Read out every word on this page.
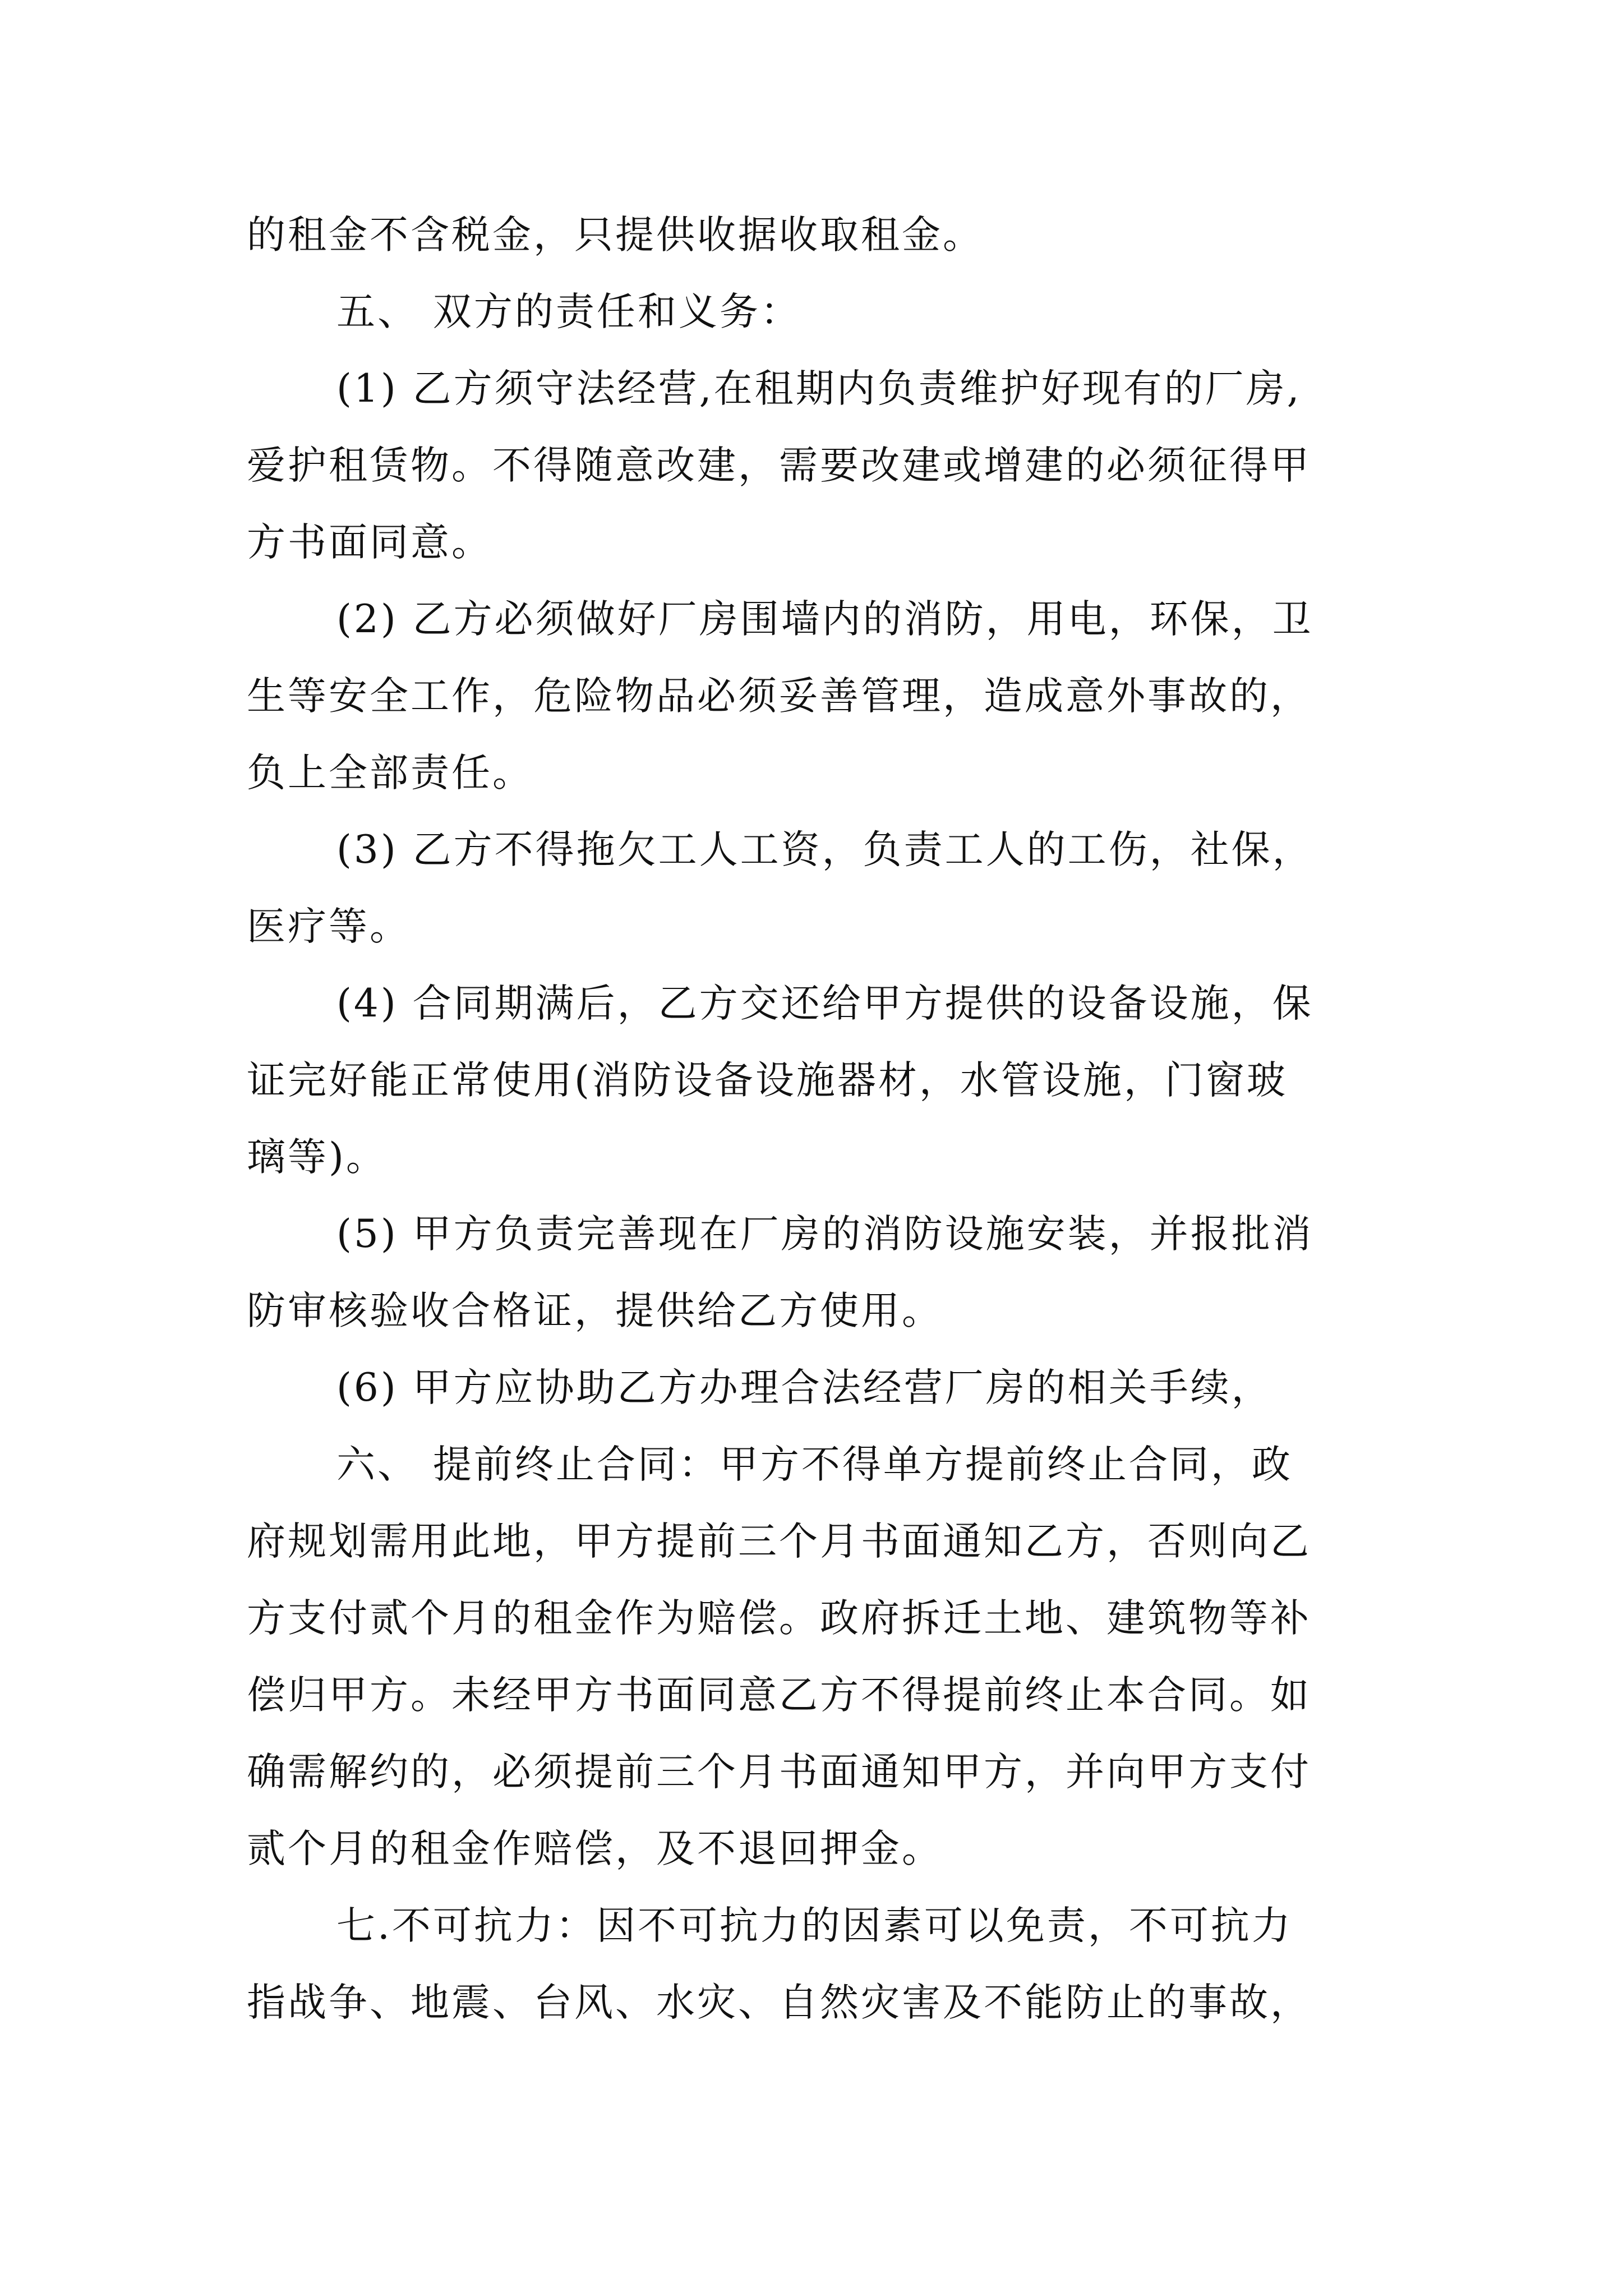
的租金不含税金，只提供收据收取租金。

五、 双方的责任和义务：

(1) 乙方须守法经营,在租期内负责维护好现有的厂房,

爱护租赁物。不得随意改建，需要改建或增建的必须征得甲

方书面同意。

(2) 乙方必须做好厂房围墙内的消防，用电，环保，卫

生等安全工作，危险物品必须妥善管理，造成意外事故的，

负上全部责任。

(3) 乙方不得拖欠工人工资，负责工人的工伤，社保，

医疗等。

(4) 合同期满后，乙方交还给甲方提供的设备设施，保

证完好能正常使用(消防设备设施器材，水管设施，门窗玻

璃等)。

(5) 甲方负责完善现在厂房的消防设施安装，并报批消

防审核验收合格证，提供给乙方使用。

(6) 甲方应协助乙方办理合法经营厂房的相关手续，

六、 提前终止合同：甲方不得单方提前终止合同，政

府规划需用此地，甲方提前三个月书面通知乙方，否则向乙

方支付贰个月的租金作为赔偿。政府拆迁土地、建筑物等补

偿归甲方。未经甲方书面同意乙方不得提前终止本合同。如

确需解约的，必须提前三个月书面通知甲方，并向甲方支付

贰个月的租金作赔偿，及不退回押金。

七.不可抗力：因不可抗力的因素可以免责，不可抗力

指战争、地震、台风、水灾、自然灾害及不能防止的事故，
